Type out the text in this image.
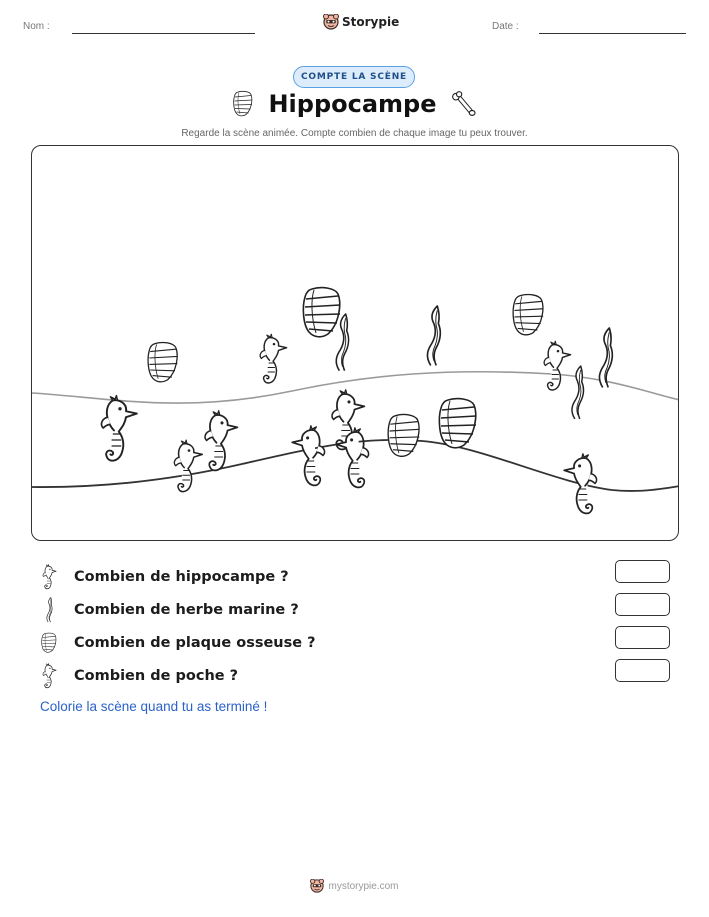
Nom :	Storypie	Date :
COMPTE LA SCÈNE
Hippocampe
Regarde la scène animée. Compte combien de chaque image tu peux trouver.
Combien de hippocampe ?
Combien de herbe marine ?
Combien de plaque osseuse ?
Combien de poche ?
Colorie la scène quand tu as terminé !
mystorypie.com
